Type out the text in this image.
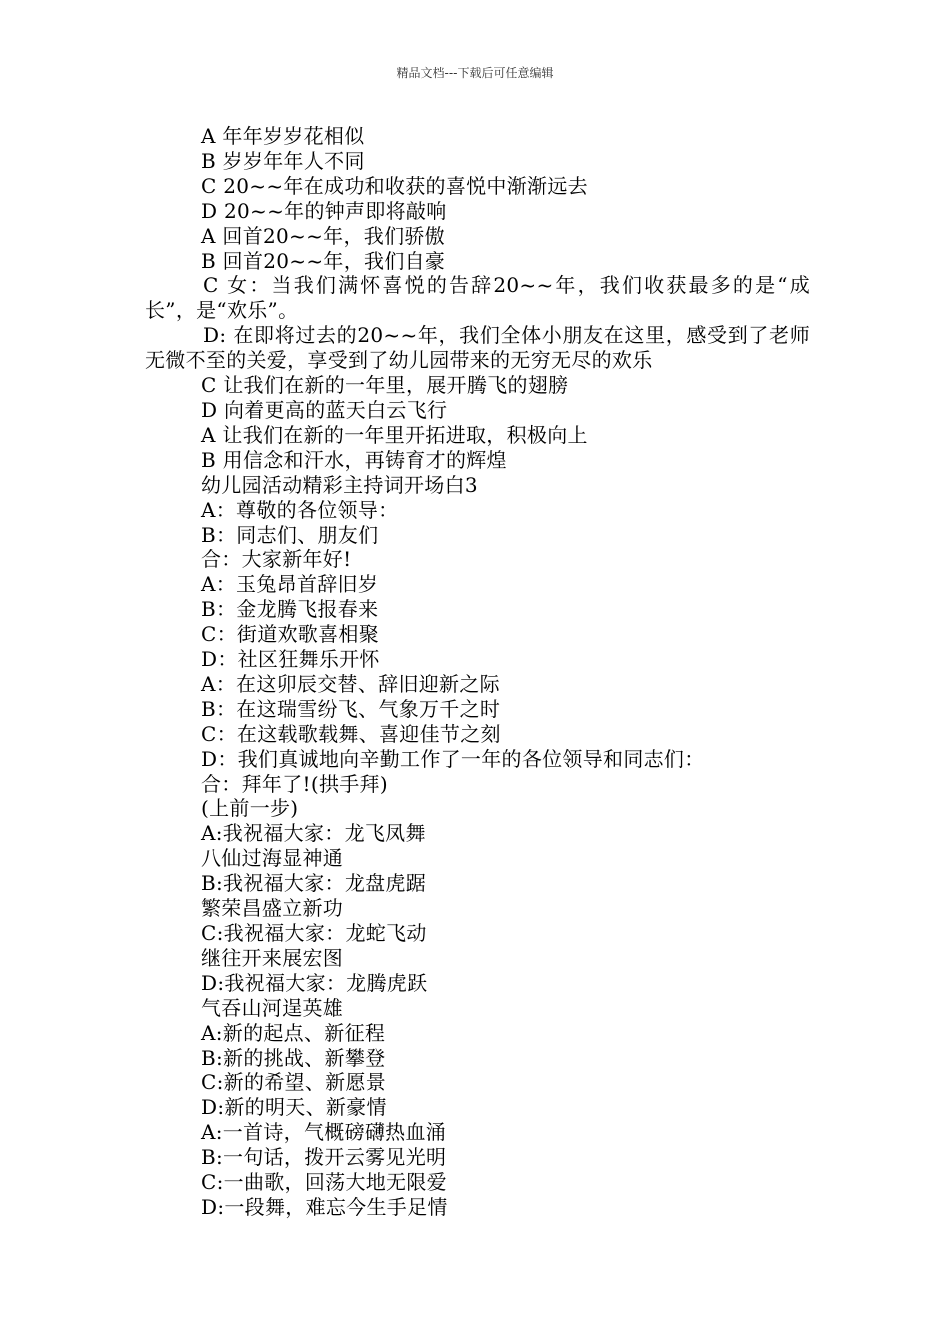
精品文档---下载后可任意编辑
A 年年岁岁花相似
B 岁岁年年人不同
C 20~~年在成功和收获的喜悦中渐渐远去
D 20~~年的钟声即将敲响
A 回首20~~年，我们骄傲
B 回首20~~年，我们自豪
C 女：当我们满怀喜悦的告辞20~~年，我们收获最多的是“成长”，是“欢乐”。
D: 在即将过去的20~~年，我们全体小朋友在这里，感受到了老师无微不至的关爱，享受到了幼儿园带来的无穷无尽的欢乐
C 让我们在新的一年里，展开腾飞的翅膀
D 向着更高的蓝天白云飞行
A 让我们在新的一年里开拓进取，积极向上
B 用信念和汗水，再铸育才的辉煌
幼儿园活动精彩主持词开场白3
A：尊敬的各位领导：
B：同志们、朋友们
合：大家新年好!
A：玉兔昂首辞旧岁
B：金龙腾飞报春来
C：街道欢歌喜相聚
D：社区狂舞乐开怀
A：在这卯辰交替、辞旧迎新之际
B：在这瑞雪纷飞、气象万千之时
C：在这载歌载舞、喜迎佳节之刻
D：我们真诚地向辛勤工作了一年的各位领导和同志们：
合：拜年了!(拱手拜)
(上前一步)
A:我祝福大家：龙飞凤舞
八仙过海显神通
B:我祝福大家：龙盘虎踞
繁荣昌盛立新功
C:我祝福大家：龙蛇飞动
继往开来展宏图
D:我祝福大家：龙腾虎跃
气吞山河逞英雄
A:新的起点、新征程
B:新的挑战、新攀登
C:新的希望、新愿景
D:新的明天、新豪情
A:一首诗，气概磅礴热血涌
B:一句话，拨开云雾见光明
C:一曲歌，回荡大地无限爱
D:一段舞，难忘今生手足情
